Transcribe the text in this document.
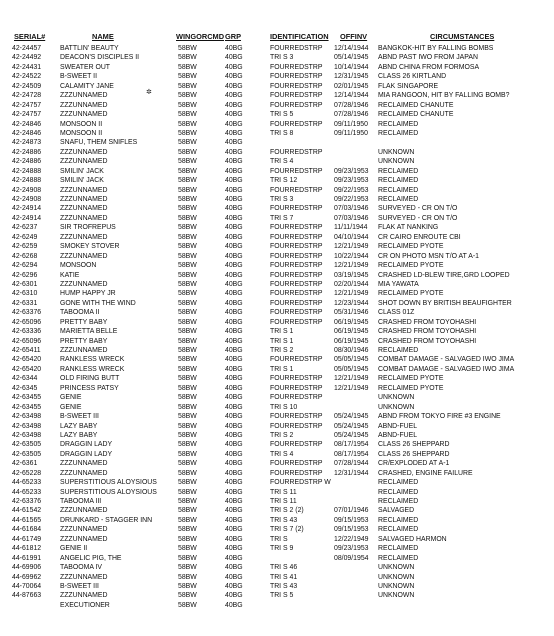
SERIAL#	NAME	WINGORCMD GRP	IDENTIFICATION	OFFINV	CIRCUMSTANCES
42-24457	BATTLIN' BEAUTY	58BW	40BG	FOURREDSTRP	12/14/1944	BANGKOK-HIT BY FALLING BOMBS
42-24492	DEACON'S DISCIPLES II	58BW	40BG	TRI S 3	05/14/1945	ABND PAST IWO FROM JAPAN
42-24431	SWEATER OUT	58BW	40BG	FOURREDSTRP	10/14/1944	ABND CHINA FROM FORMOSA
42-24522	B-SWEET II	58BW	40BG	FOURREDSTRP	12/31/1945	CLASS 26 KIRTLAND
42-24509	CALAMITY JANE	58BW	40BG	FOURREDSTRP	02/01/1945	FLAK SINGAPORE
42-24728	ZZZUNNAMED	58BW	40BG	FOURREDSTRP	12/14/1944	MIA RANGOON, HIT BY FALLING BOMB?
42-24757	ZZZUNNAMED	58BW	40BG	FOURREDSTRP	07/28/1946	RECLAIMED CHANUTE
42-24757	ZZZUNNAMED	58BW	40BG	TRI S 5	07/28/1946	RECLAIMED CHANUTE
42-24846	MONSOON II	58BW	40BG	FOURREDSTRP	09/11/1950	RECLAIMED
42-24846	MONSOON II	58BW	40BG	TRI S 8	09/11/1950	RECLAIMED
42-24873	SNAFU, THEM SNIFLES	58BW	40BG
42-24886	ZZZUNNAMED	58BW	40BG	FOURREDSTRP	UNKNOWN
42-24886	ZZZUNNAMED	58BW	40BG	TRI S 4	UNKNOWN
42-24888	SMILIN' JACK	58BW	40BG	FOURREDSTRP	09/23/1953	RECLAIMED
42-24888	SMILIN' JACK	58BW	40BG	TRI S 12	09/23/1953	RECLAIMED
42-24908	ZZZUNNAMED	58BW	40BG	FOURREDSTRP	09/22/1953	RECLAIMED
42-24908	ZZZUNNAMED	58BW	40BG	TRI S 3	09/22/1953	RECLAIMED
42-24914	ZZZUNNAMED	58BW	40BG	FOURREDSTRP	07/03/1946	SURVEYED - CR ON T/O
42-24914	ZZZUNNAMED	58BW	40BG	TRI S 7	07/03/1946	SURVEYED - CR ON T/O
42-6237	SIR TROFREPUS	58BW	40BG	FOURREDSTRP	11/11/1944	FLAK AT NANKING
42-6249	ZZZUNNAMED	58BW	40BG	FOURREDSTRP	04/10/1944	CR CAIRO ENROUTE CBI
42-6259	SMOKEY STOVER	58BW	40BG	FOURREDSTRP	12/21/1949	RECLAIMED PYOTE
42-6268	ZZZUNNAMED	58BW	40BG	FOURREDSTRP	10/22/1944	CR ON PHOTO MSN T/O AT A-1
42-6294	MONSOON	58BW	40BG	FOURREDSTRP	12/21/1949	RECLAIMED PYOTE
42-6296	KATIE	58BW	40BG	FOURREDSTRP	03/19/1945	CRASHED LD-BLEW TIRE,GRD LOOPED
42-6301	ZZZUNNAMED	58BW	40BG	FOURREDSTRP	02/20/1944	MIA YAWATA
42-6310	HUMP HAPPY JR	58BW	40BG	FOURREDSTRP	12/21/1949	RECLAIMED PYOTE
42-6331	GONE WITH THE WIND	58BW	40BG	FOURREDSTRP	12/23/1944	SHOT DOWN BY BRITISH BEAUFIGHTER
42-63376	TABOOMA II	58BW	40BG	FOURREDSTRP	05/31/1946	CLASS 01Z
42-65096	PRETTY BABY	58BW	40BG	FOURREDSTRP	06/19/1945	CRASHED FROM TOYOHASHI
42-63336	MARIETTA BELLE	58BW	40BG	TRI S 1	06/19/1945	CRASHED FROM TOYOHASHI
42-65096	PRETTY BABY	58BW	40BG	TRI S 1	06/19/1945	CRASHED FROM TOYOHASHI
42-65411	ZZZUNNAMED	58BW	40BG	TRI S 2	08/30/1946	RECLAIMED
42-65420	RANKLESS WRECK	58BW	40BG	FOURREDSTRP	05/05/1945	COMBAT DAMAGE - SALVAGED IWO JIMA
42-65420	RANKLESS WRECK	58BW	40BG	TRI S 1	05/05/1945	COMBAT DAMAGE - SALVAGED IWO JIMA
42-6344	OLD FIRING BUTT	58BW	40BG	FOURREDSTRP	12/21/1949	RECLAIMED PYOTE
42-6345	PRINCESS PATSY	58BW	40BG	FOURREDSTRP	12/21/1949	RECLAIMED PYOTE
42-63455	GENIE	58BW	40BG	FOURREDSTRP	UNKNOWN
42-63455	GENIE	58BW	40BG	TRI S 10	UNKNOWN
42-63498	B-SWEET III	58BW	40BG	FOURREDSTRP	05/24/1945	ABND FROM TOKYO FIRE #3 ENGINE
42-63498	LAZY BABY	58BW	40BG	FOURREDSTRP	05/24/1945	ABND-FUEL
42-63498	LAZY BABY	58BW	40BG	TRI S 2	05/24/1945	ABND-FUEL
42-63505	DRAGGIN LADY	58BW	40BG	FOURREDSTRP	08/17/1954	CLASS 26 SHEPPARD
42-63505	DRAGGIN LADY	58BW	40BG	TRI S 4	08/17/1954	CLASS 26 SHEPPARD
42-6361	ZZZUNNAMED	58BW	40BG	FOURREDSTRP	07/28/1944	CR/EXPLODED AT A-1
42-65228	ZZZUNNAMED	58BW	40BG	FOURREDSTRP	12/31/1944	CRASHED, ENGINE FAILURE
44-65233	SUPERSTITIOUS ALOYSIOUS	58BW	40BG	FOURREDSTRP W	RECLAIMED
44-65233	SUPERSTITIOUS ALOYSIOUS	58BW	40BG	TRI S 11	RECLAIMED
42-63376	TABOOMA III	58BW	40BG	TRI S 11	RECLAIMED
44-61542	ZZZUNNAMED	58BW	40BG	TRI S 2 (2)	07/01/1946	SALVAGED
44-61565	DRUNKARD - STAGGER INN	58BW	40BG	TRI S 43	09/15/1953	RECLAIMED
44-61684	ZZZUNNAMED	58BW	40BG	TRI S 7 (2)	09/15/1953	RECLAIMED
44-61749	ZZZUNNAMED	58BW	40BG	TRI S	12/22/1949	SALVAGED HARMON
44-61812	GENIE II	58BW	40BG	TRI S 9	09/23/1953	RECLAIMED
44-61991	ANGELIC PIG, THE	58BW	40BG	08/09/1954	RECLAIMED
44-69906	TABOOMA IV	58BW	40BG	TRI S 46	UNKNOWN
44-69962	ZZZUNNAMED	58BW	40BG	TRI S 41	UNKNOWN
44-70064	B-SWEET III	58BW	40BG	TRI S 43	UNKNOWN
44-87663	ZZZUNNAMED	58BW	40BG	TRI S 5	UNKNOWN
EXECUTIONER	58BW	40BG
✲
